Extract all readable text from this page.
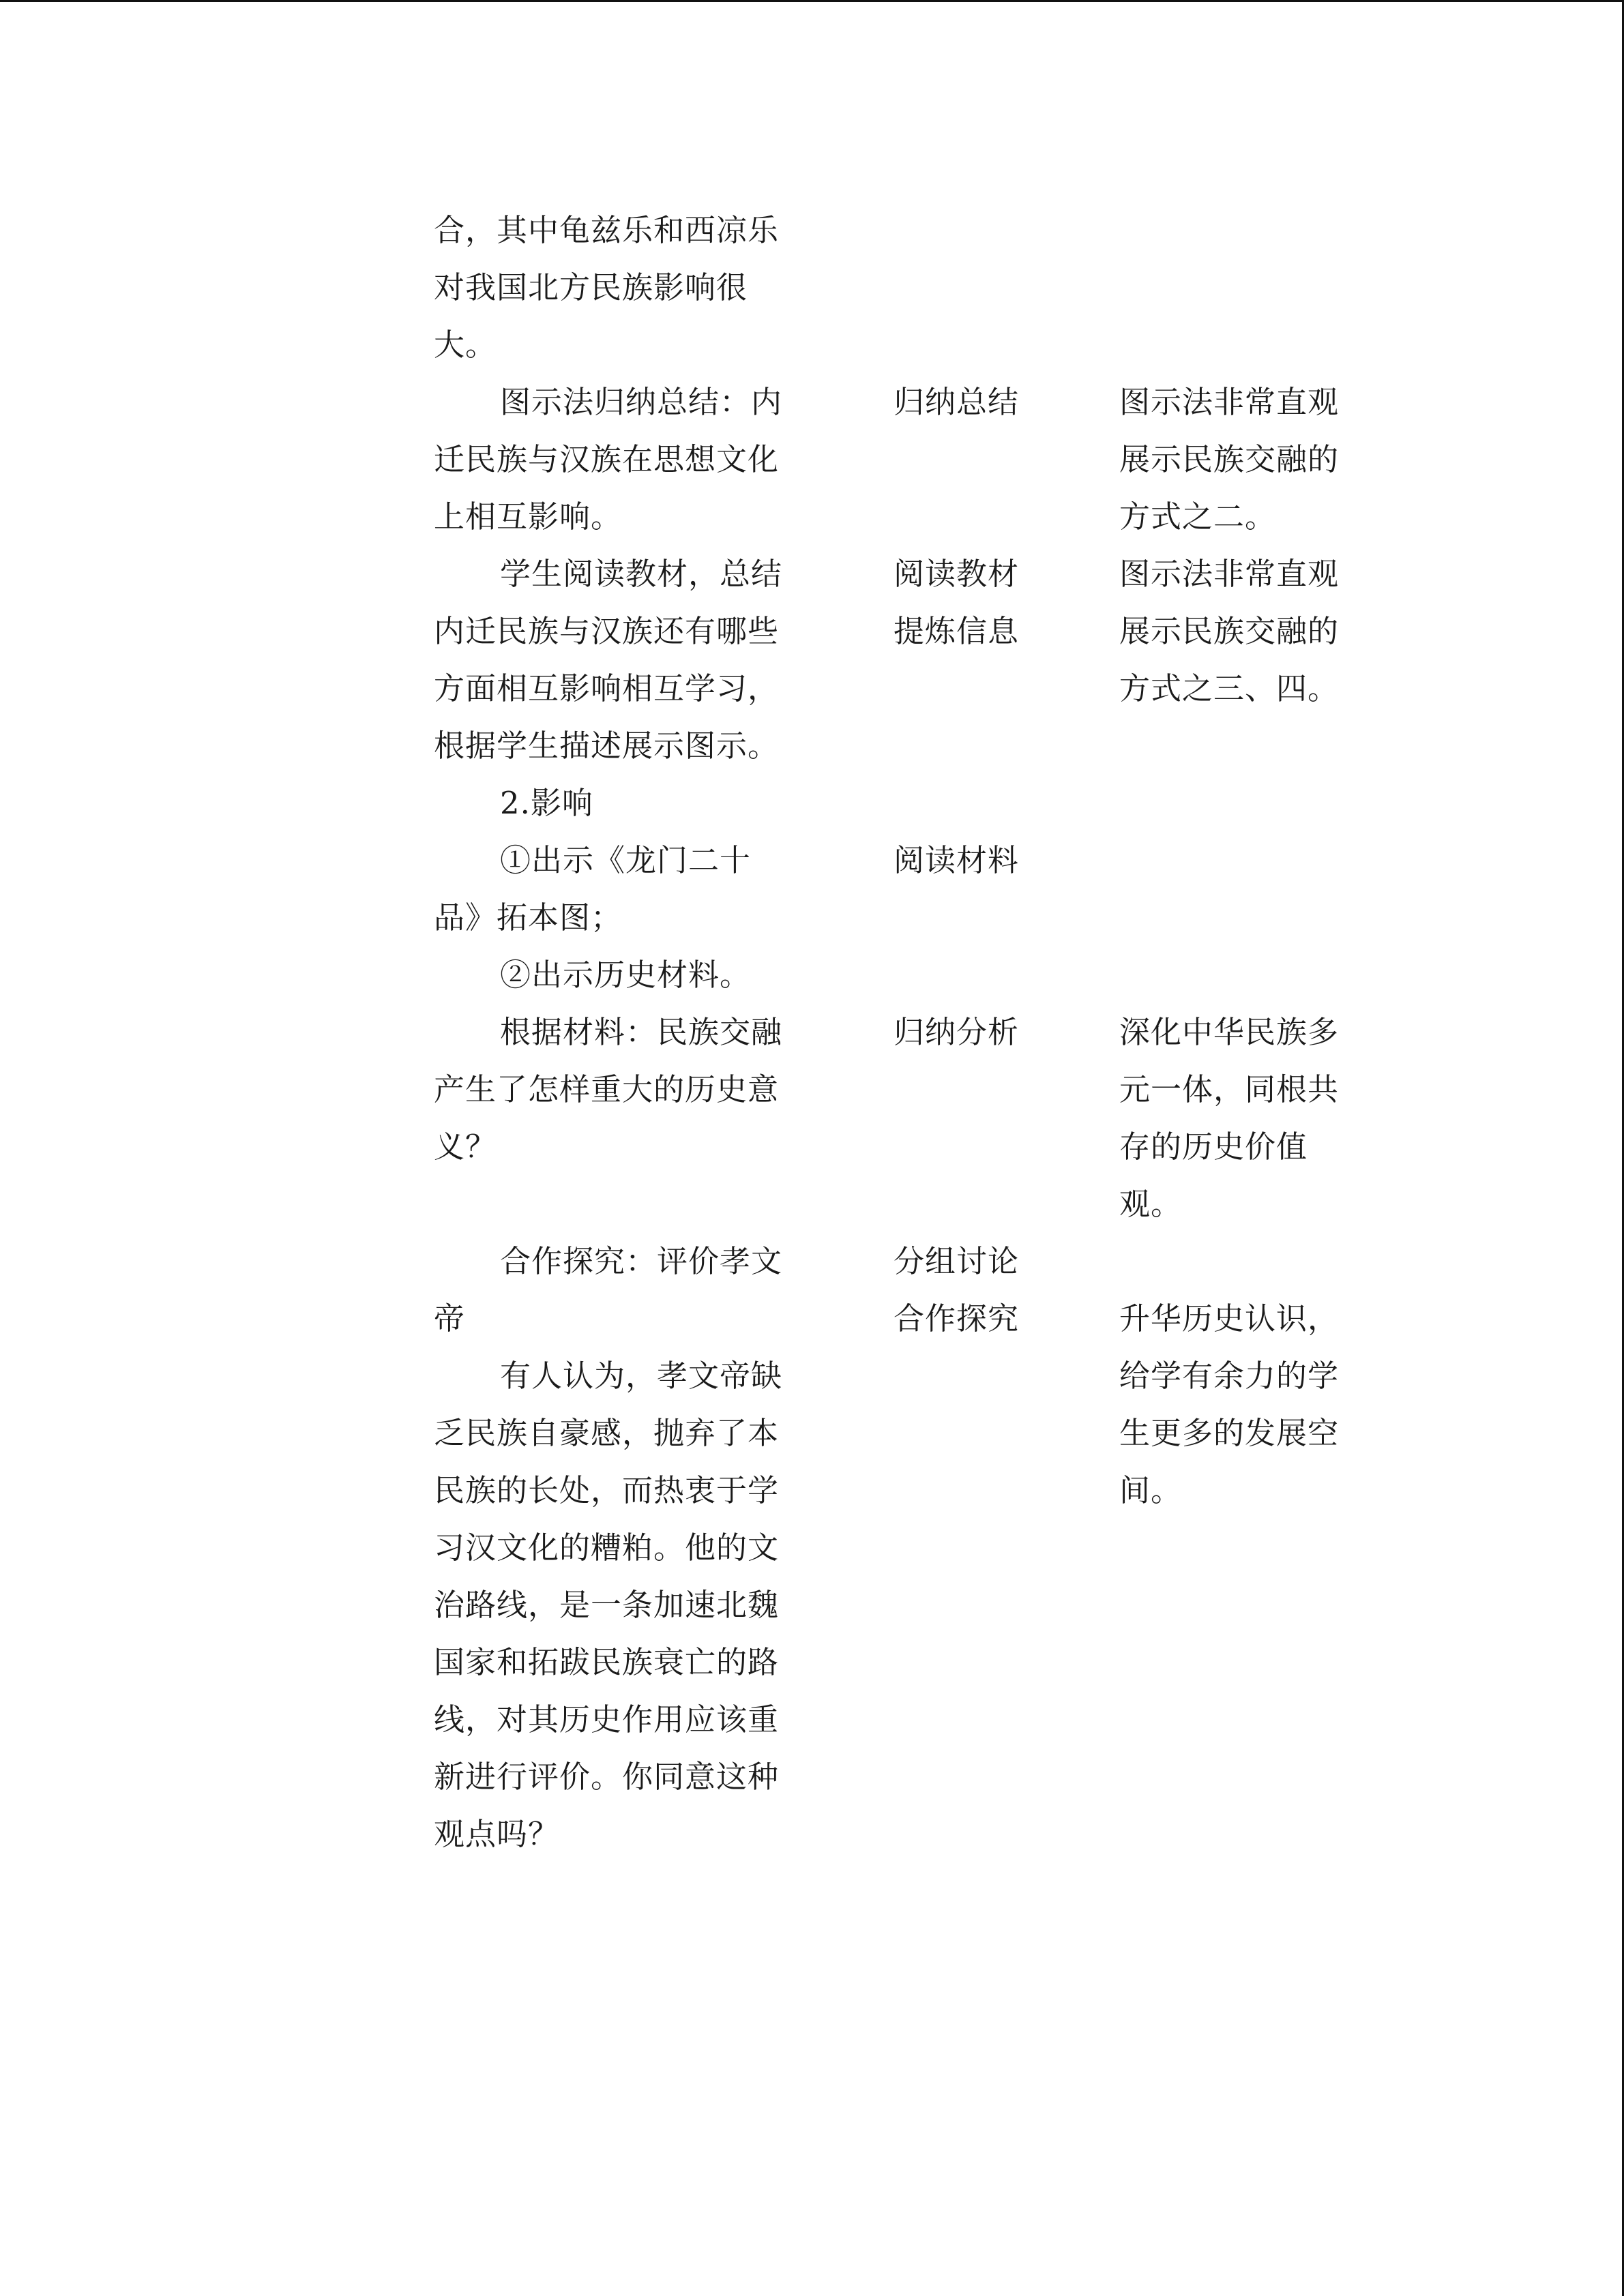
合，其中龟兹乐和西凉乐
对我国北方民族影响很
大。
图示法归纳总结：内
迁民族与汉族在思想文化
上相互影响。
学生阅读教材，总结
内迁民族与汉族还有哪些
方面相互影响相互学习，
根据学生描述展示图示。
2.影响
①出示《龙门二十
品》拓本图；
②出示历史材料。
根据材料：民族交融
产生了怎样重大的历史意
义？
合作探究：评价孝文
帝
有人认为，孝文帝缺
乏民族自豪感，抛弃了本
民族的长处，而热衷于学
习汉文化的糟粕。他的文
治路线，是一条加速北魏
国家和拓跋民族衰亡的路
线，对其历史作用应该重
新进行评价。你同意这种
观点吗？
归纳总结
阅读教材
提炼信息
阅读材料
归纳分析
分组讨论
合作探究
图示法非常直观
展示民族交融的
方式之二。
图示法非常直观
展示民族交融的
方式之三、四。
深化中华民族多
元一体，同根共
存的历史价值
观。
升华历史认识，
给学有余力的学
生更多的发展空
间。
